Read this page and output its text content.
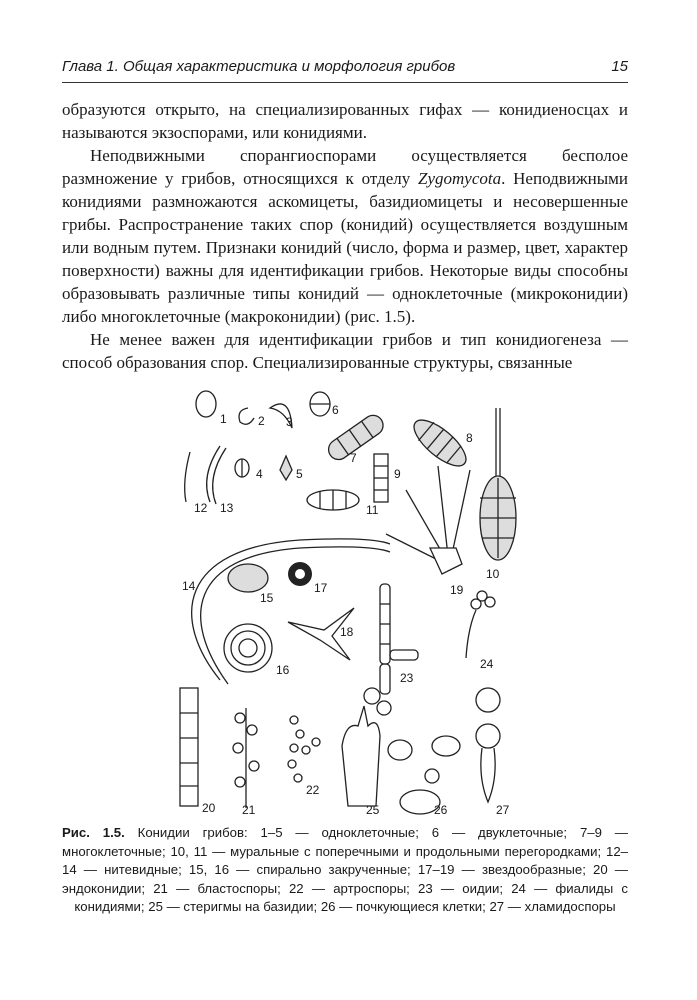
Глава 1. Общая характеристика и морфология грибов	15

образуются открыто, на специализированных гифах — конидиеносцах и называются экзоспорами, или конидиями.

Неподвижными спорангиоспорами осуществляется бесполое размножение у грибов, относящихся к отделу Zygomycota. Неподвижными конидиями размножаются аскомицеты, базидиомицеты и несовершенные грибы. Распространение таких спор (конидий) осуществляется воздушным или водным путем. Признаки конидий (число, форма и размер, цвет, характер поверхности) важны для идентификации грибов. Некоторые виды способны образовывать различные типы конидий — одноклеточные (микроконидии) либо многоклеточные (макроконидии) (рис. 1.5).

Не менее важен для идентификации грибов и тип конидиогенеза — способ образования спор. Специализированные структуры, связанные

1	2 3
4	5
6
7
8
9
10
11
12 13
14
15
16
17
18
19
20 21
22
23
24
25	26	27
Рис. 1.5. Конидии грибов: 1–5 — одноклеточные; 6 — двуклеточные; 7–9 — многоклеточные; 10, 11 — муральные с поперечными и продольными перегородками; 12–14 — нитевидные; 15, 16 — спирально закрученные; 17–19 — звездообразные; 20 — эндоконидии; 21 — бластоспоры; 22 — артроспоры; 23 — оидии; 24 — фиалиды с конидиями; 25 — стеригмы на базидии; 26 — почкующиеся клетки; 27 — хламидоспоры
